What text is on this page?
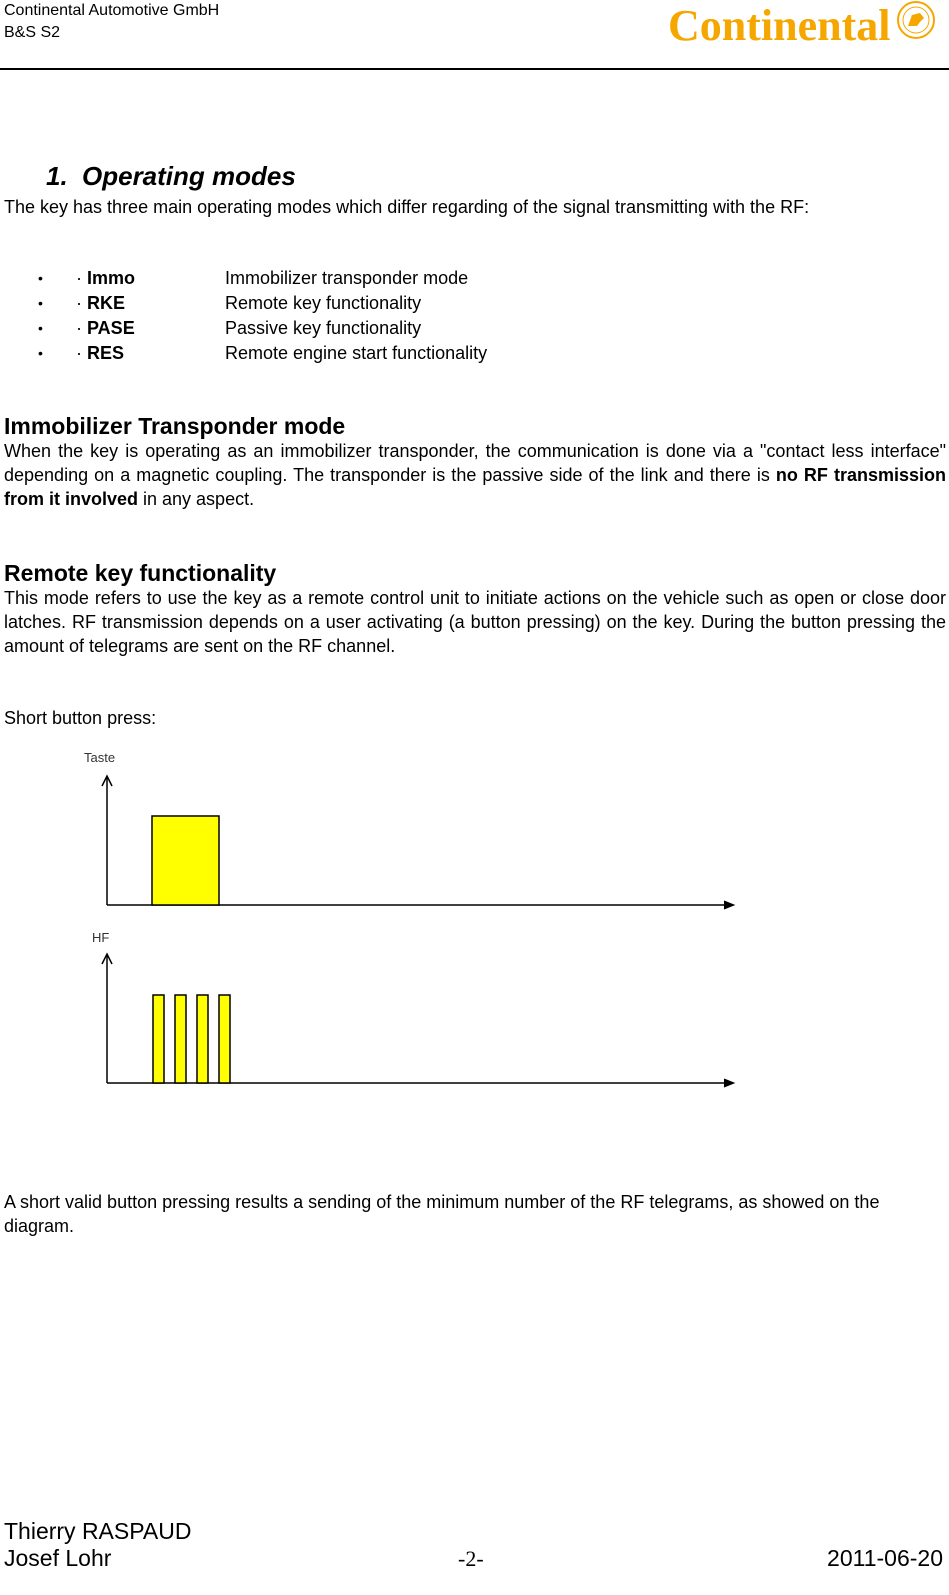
Continental Automotive GmbH
B&S S2	Continental
1. Operating modes
The key has three main operating modes which differ regarding of the signal transmitting with the RF:
• · Immo	Immobilizer transponder mode
• · RKE	Remote key functionality
• · PASE	Passive key functionality
• · RES	Remote engine start functionality
Immobilizer Transponder mode
When the key is operating as an immobilizer transponder, the communication is done via a "contact less interface" depending on a magnetic coupling. The transponder is the passive side of the link and there is no RF transmission from it involved in any aspect.
Remote key functionality
This mode refers to use the key as a remote control unit to initiate actions on the vehicle such as open or close door latches. RF transmission depends on a user activating (a button pressing) on the key. During the button pressing the amount of telegrams are sent on the RF channel.
Short button press:
Taste
HF
A short valid button pressing results a sending of the minimum number of the RF telegrams, as showed on the diagram.
Thierry RASPAUD
Josef Lohr	-2-	2011-06-20
